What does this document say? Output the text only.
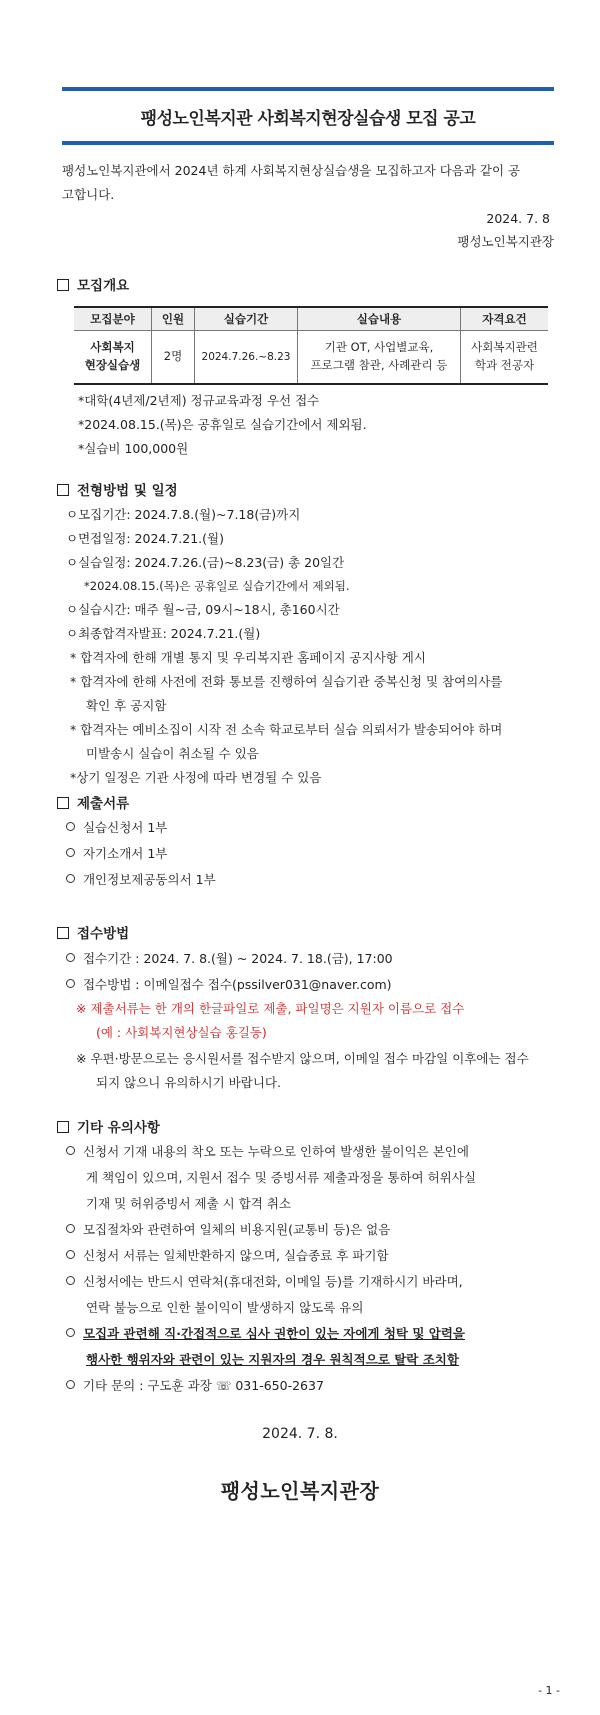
팽성노인복지관 사회복지현장실습생 모집 공고
팽성노인복지관에서 2024년 하계 사회복지현상실습생을 모집하고자 다음과 같이 공
고합니다.
2024. 7. 8
팽성노인복지관장
모집개요
모집분야	인원	실습기간	실습내용	자격요건
사회복지
현장실습생	2명	2024.7.26.~8.23	기관 OT, 사업별교육,
프로그램 참관, 사례관리 등	사회복지관련
학과 전공자
*대학(4년제/2년제) 정규교육과정 우선 접수
*2024.08.15.(목)은 공휴일로 실습기간에서 제외됨.
*실습비 100,000원
전형방법 및 일정
ㅇ모집기간: 2024.7.8.(월)~7.18(금)까지
ㅇ면접일정: 2024.7.21.(월)
ㅇ실습일정: 2024.7.26.(금)~8.23(금) 총 20일간
*2024.08.15.(목)은 공휴일로 실습기간에서 제외됨.
ㅇ실습시간: 매주 월~금, 09시~18시, 총160시간
ㅇ최종합격자발표: 2024.7.21.(월)
* 합격자에 한해 개별 통지 및 우리복지관 홈페이지 공지사항 게시
* 합격자에 한해 사전에 전화 통보를 진행하여 실습기관 중복신청 및 참여의사를
확인 후 공지함
* 합격자는 예비소집이 시작 전 소속 학교로부터 실습 의뢰서가 발송되어야 하며
미발송시 실습이 취소될 수 있음
*상기 일정은 기관 사정에 따라 변경될 수 있음
제출서류
실습신청서 1부
자기소개서 1부
개인정보제공동의서 1부
접수방법
접수기간 : 2024. 7. 8.(월) ~ 2024. 7. 18.(금), 17:00
접수방법 : 이메일접수 접수(pssilver031@naver.com)
※ 제출서류는 한 개의 한글파일로 제출, 파일명은 지원자 이름으로 접수
(예 : 사회복지현상실습 홍길동)
※ 우편·방문으로는 응시원서를 접수받지 않으며, 이메일 접수 마감일 이후에는 접수
되지 않으니 유의하시기 바랍니다.
기타 유의사항
신청서 기재 내용의 착오 또는 누락으로 인하여 발생한 불이익은 본인에
게 책임이 있으며, 지원서 접수 및 증빙서류 제출과정을 통하여 허위사실
기재 및 허위증빙서 제출 시 합격 취소
모집절차와 관련하여 일체의 비용지원(교통비 등)은 없음
신청서 서류는 일체반환하지 않으며, 실습종료 후 파기함
신청서에는 반드시 연락처(휴대전화, 이메일 등)를 기재하시기 바라며,
연락 불능으로 인한 불이익이 발생하지 않도록 유의
모집과 관련해 직·간접적으로 심사 권한이 있는 자에게 청탁 및 압력을
행사한 행위자와 관련이 있는 지원자의 경우 원칙적으로 탈락 조치함
기타 문의 : 구도훈 과장 ☏ 031-650-2637
2024. 7. 8.
팽성노인복지관장
- 1 -
